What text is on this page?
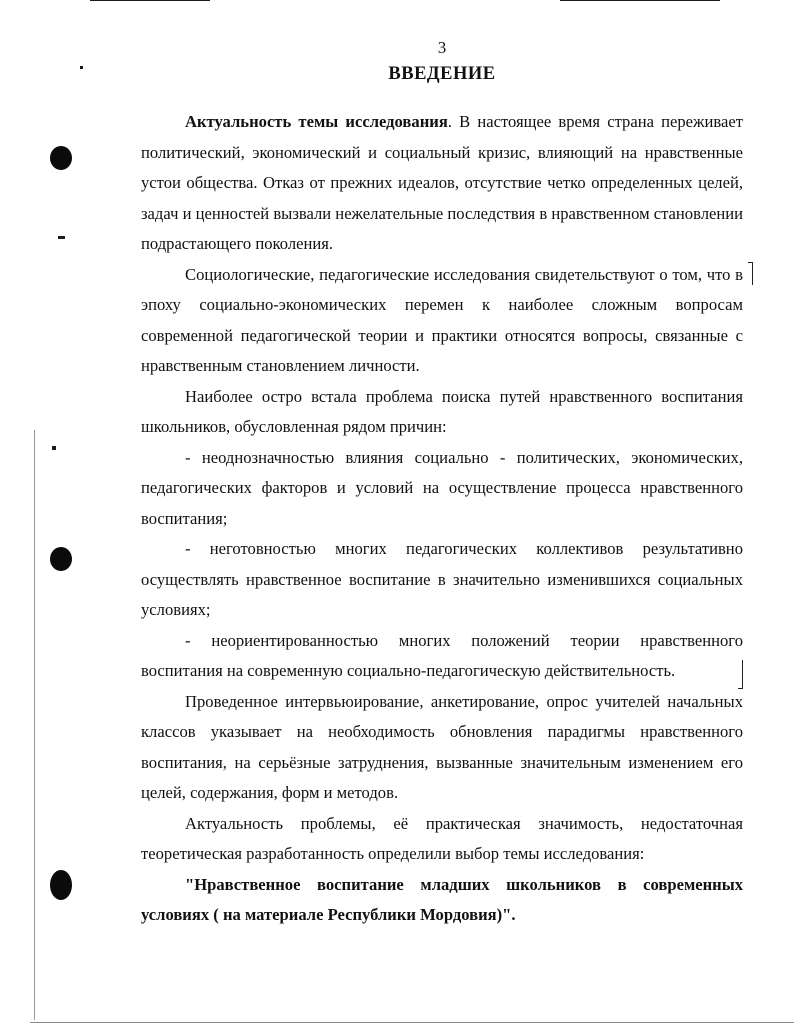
3
ВВЕДЕНИЕ

Актуальность темы исследования. В настоящее время страна переживает политический, экономический и социальный кризис, влияющий на нравственные устои общества. Отказ от прежних идеалов, отсутствие четко определенных целей, задач и ценностей вызвали нежелательные последствия в нравственном становлении подрастающего поколения.

Социологические, педагогические исследования свидетельствуют о том, что в эпоху социально-экономических перемен к наиболее сложным вопросам современной педагогической теории и практики относятся вопросы, связанные с нравственным становлением личности.

Наиболее остро встала проблема поиска путей нравственного воспитания школьников, обусловленная рядом причин:

- неоднозначностью влияния социально - политических, экономических, педагогических факторов и условий на осуществление процесса нравственного воспитания;

- неготовностью многих педагогических коллективов результативно осуществлять нравственное воспитание в значительно изменившихся социальных условиях;

- неориентированностью многих положений теории нравственного воспитания на современную социально-педагогическую действительность.

Проведенное интервьюирование, анкетирование, опрос учителей начальных классов указывает на необходимость обновления парадигмы нравственного воспитания, на серьёзные затруднения, вызванные значительным изменением его целей, содержания, форм и методов.

Актуальность проблемы, её практическая значимость, недостаточная теоретическая разработанность определили выбор темы исследования:

"Нравственное воспитание младших школьников в современных условиях ( на материале Республики Мордовия)".
